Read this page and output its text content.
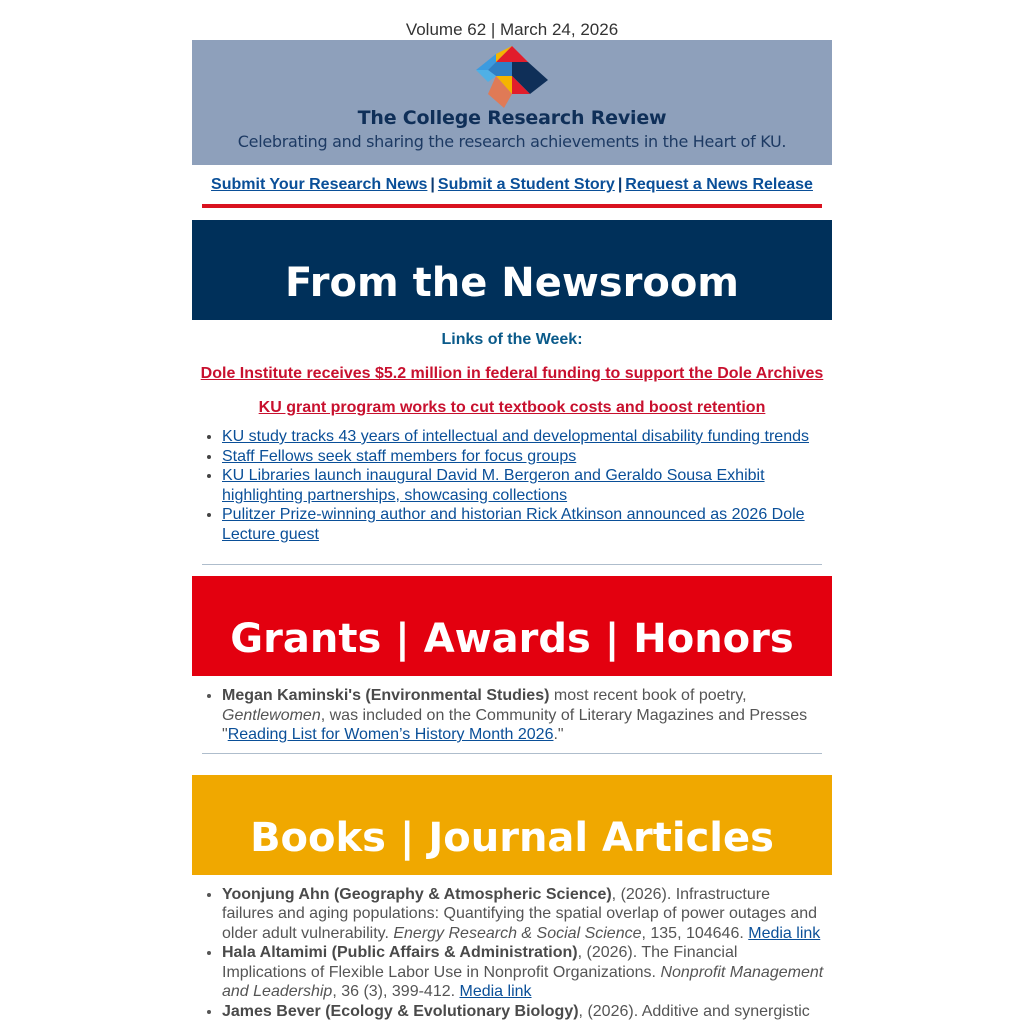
Volume 62 | March 24, 2026
The College Research Review
Celebrating and sharing the research achievements in the Heart of KU.
Submit Your Research News | Submit a Student Story | Request a News Release
From the Newsroom
Links of the Week:
Dole Institute receives $5.2 million in federal funding to support the Dole Archives
KU grant program works to cut textbook costs and boost retention
• KU study tracks 43 years of intellectual and developmental disability funding trends
• Staff Fellows seek staff members for focus groups
• KU Libraries launch inaugural David M. Bergeron and Geraldo Sousa Exhibit highlighting partnerships, showcasing collections
• Pulitzer Prize-winning author and historian Rick Atkinson announced as 2026 Dole Lecture guest
Grants | Awards | Honors
• Megan Kaminski's (Environmental Studies) most recent book of poetry, Gentlewomen, was included on the Community of Literary Magazines and Presses "Reading List for Women’s History Month 2026."
Books | Journal Articles
• Yoonjung Ahn (Geography & Atmospheric Science), (2026). Infrastructure failures and aging populations: Quantifying the spatial overlap of power outages and older adult vulnerability. Energy Research & Social Science, 135, 104646. Media link
• Hala Altamimi (Public Affairs & Administration), (2026). The Financial Implications of Flexible Labor Use in Nonprofit Organizations. Nonprofit Management and Leadership, 36 (3), 399-412. Media link
• James Bever (Ecology & Evolutionary Biology), (2026). Additive and synergistic
